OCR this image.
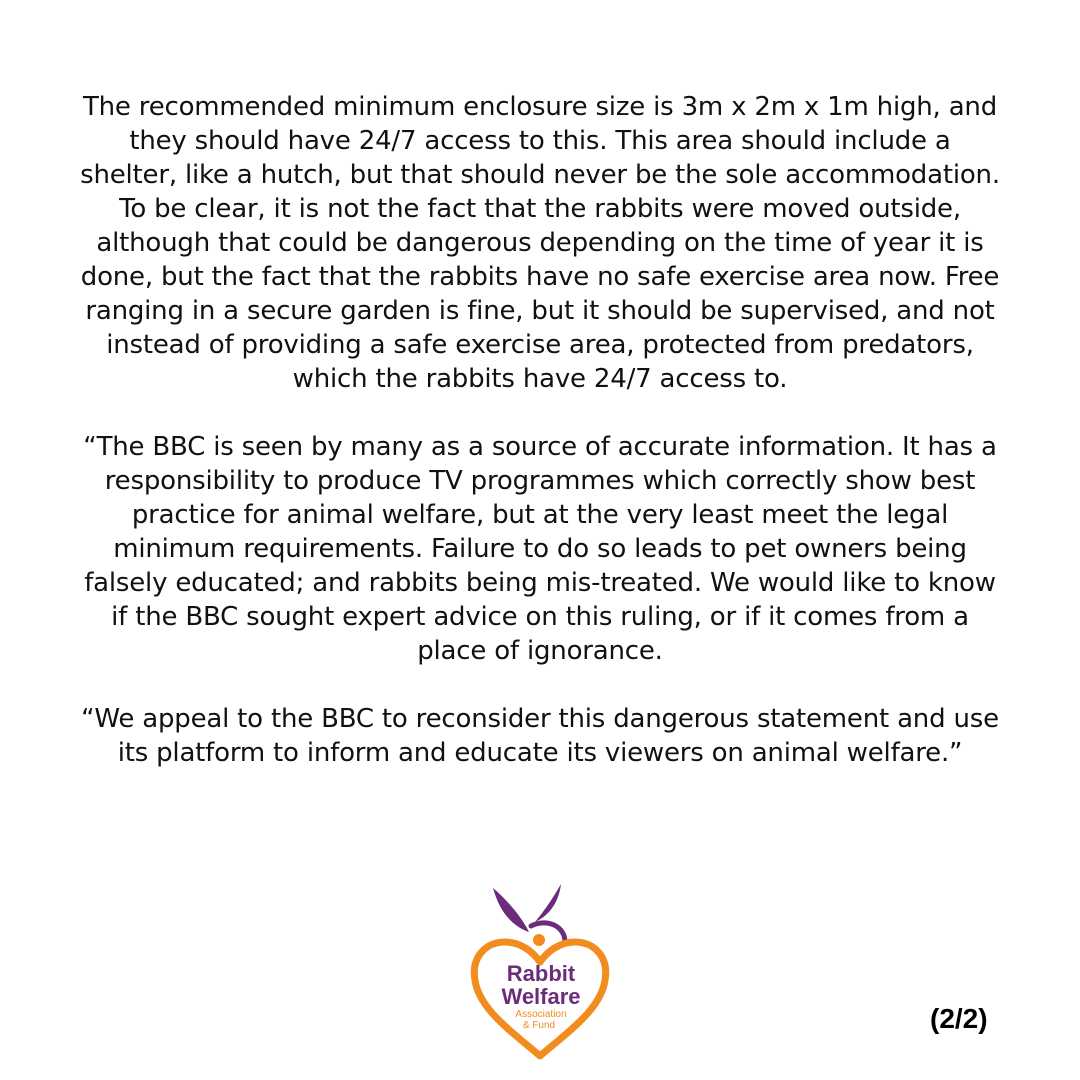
The recommended minimum enclosure size is 3m x 2m x 1m high, and they should have 24/7 access to this. This area should include a shelter, like a hutch, but that should never be the sole accommodation. To be clear, it is not the fact that the rabbits were moved outside, although that could be dangerous depending on the time of year it is done, but the fact that the rabbits have no safe exercise area now. Free ranging in a secure garden is fine, but it should be supervised, and not instead of providing a safe exercise area, protected from predators, which the rabbits have 24/7 access to.

“The BBC is seen by many as a source of accurate information. It has a responsibility to produce TV programmes which correctly show best practice for animal welfare, but at the very least meet the legal minimum requirements. Failure to do so leads to pet owners being falsely educated; and rabbits being mis-treated. We would like to know if the BBC sought expert advice on this ruling, or if it comes from a place of ignorance.

“We appeal to the BBC to reconsider this dangerous statement and use its platform to inform and educate its viewers on animal welfare.”

Rabbit
Welfare
Association
& Fund	(2/2)
